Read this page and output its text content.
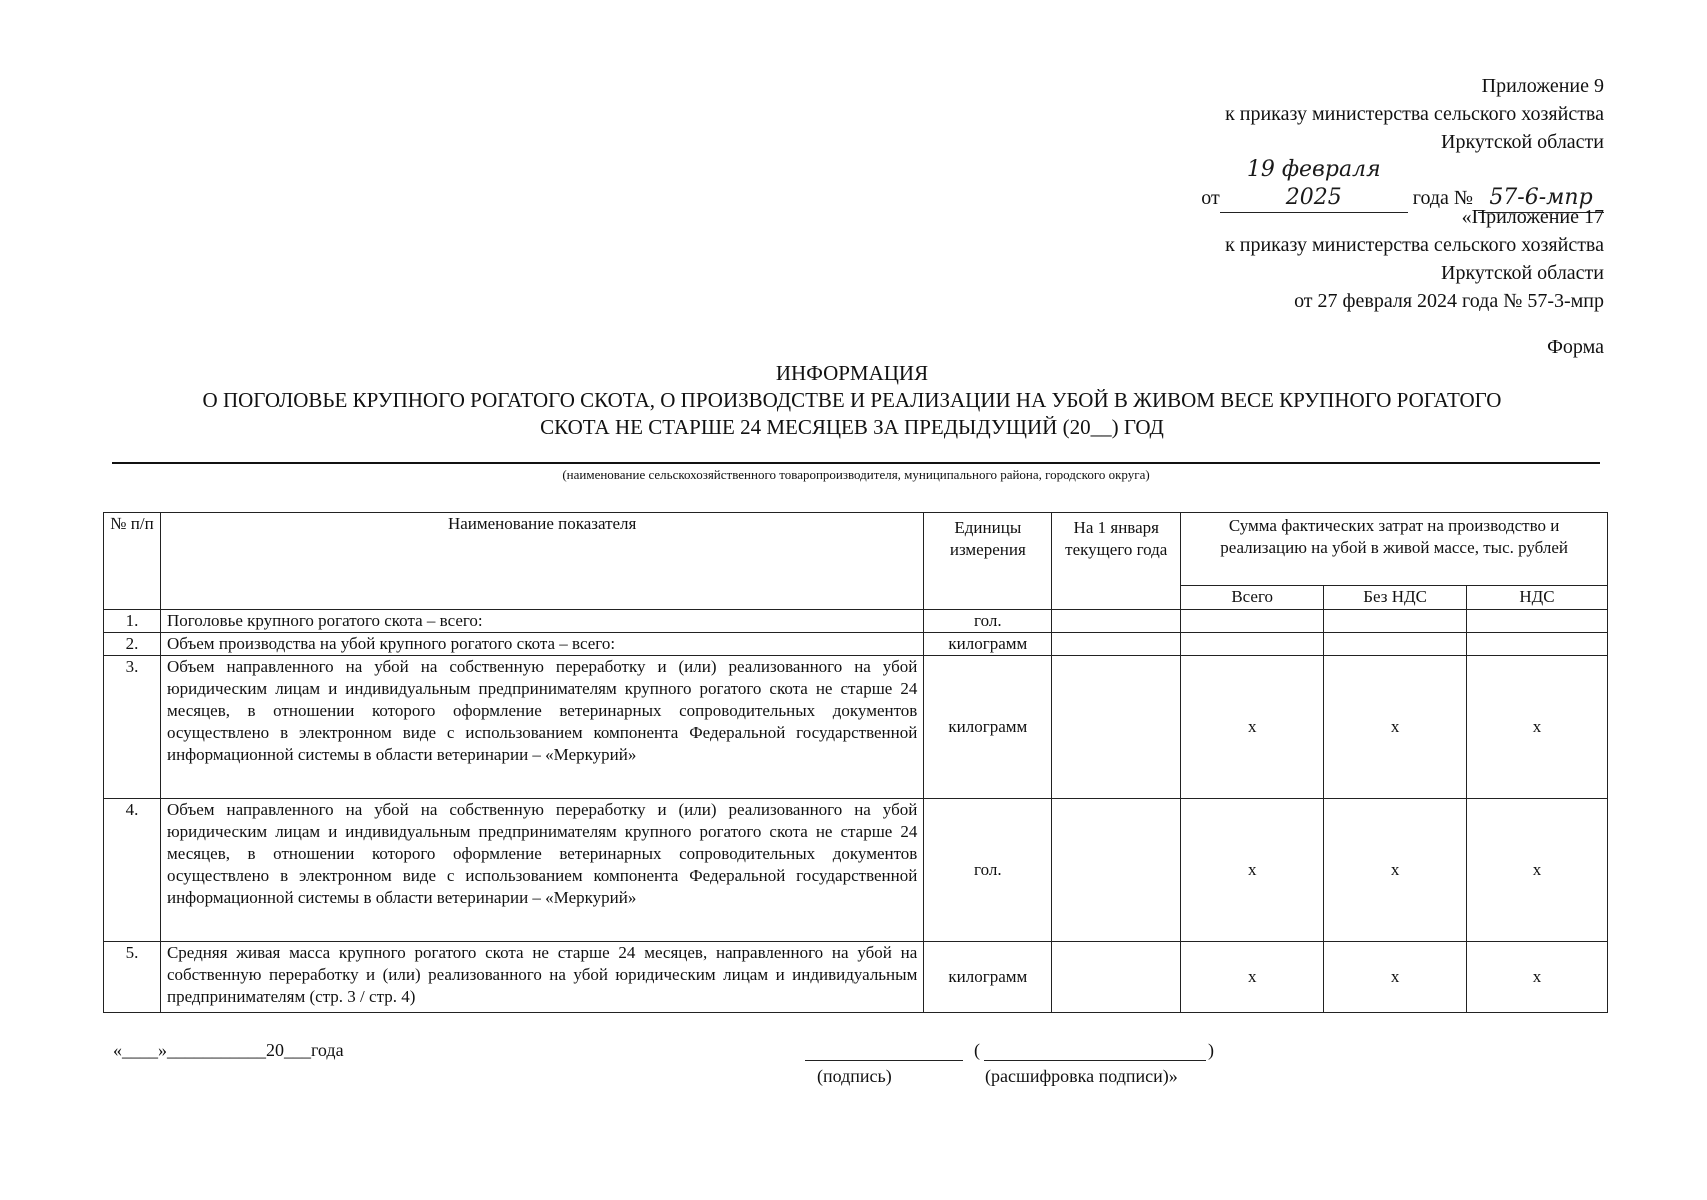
Приложение 9
к приказу министерства сельского хозяйства
Иркутской области
от19 февраля 2025	года № 57-6-мпр
«Приложение 17
к приказу министерства сельского хозяйства
Иркутской области
от 27 февраля 2024 года № 57-3-мпр
Форма
ИНФОРМАЦИЯ
О ПОГОЛОВЬЕ КРУПНОГО РОГАТОГО СКОТА, О ПРОИЗВОДСТВЕ И РЕАЛИЗАЦИИ НА УБОЙ В ЖИВОМ ВЕСЕ КРУПНОГО РОГАТОГО
СКОТА НЕ СТАРШЕ 24 МЕСЯЦЕВ ЗА ПРЕДЫДУЩИЙ (20__) ГОД
(наименование сельскохозяйственного товаропроизводителя, муниципального района, городского округа)
№ п/п	Наименование показателя	Единицы измерения	На 1 января текущего года	Сумма фактических затрат на производство и реализацию на убой в живой массе, тыс. рублей		
				Всего	Без НДС	НДС
1.	Поголовье крупного рогатого скота – всего:	гол.				
2.	Объем производства на убой крупного рогатого скота – всего:	килограмм				
3.	Объем направленного на убой на собственную переработку и (или) реализованного на убой юридическим лицам и индивидуальным предпринимателям крупного рогатого скота не старше 24 месяцев, в отношении которого оформление ветеринарных сопроводительных документов осуществлено в электронном виде с использованием компонента Федеральной государственной информационной системы в области ветеринарии – «Меркурий»	килограмм		х	х	х
4.	Объем направленного на убой на собственную переработку и (или) реализованного на убой юридическим лицам и индивидуальным предпринимателям крупного рогатого скота не старше 24 месяцев, в отношении которого оформление ветеринарных сопроводительных документов осуществлено в электронном виде с использованием компонента Федеральной государственной информационной системы в области ветеринарии – «Меркурий»	гол.		х	х	х
5.	Средняя живая масса крупного рогатого скота не старше 24 месяцев, направленного на убой на собственную переработку и (или) реализованного на убой юридическим лицам и индивидуальным предпринимателям (стр. 3 / стр. 4)	килограмм		х	х	х
«____»___________20___года
(подпись)
(	)
(расшифровка подписи)»
